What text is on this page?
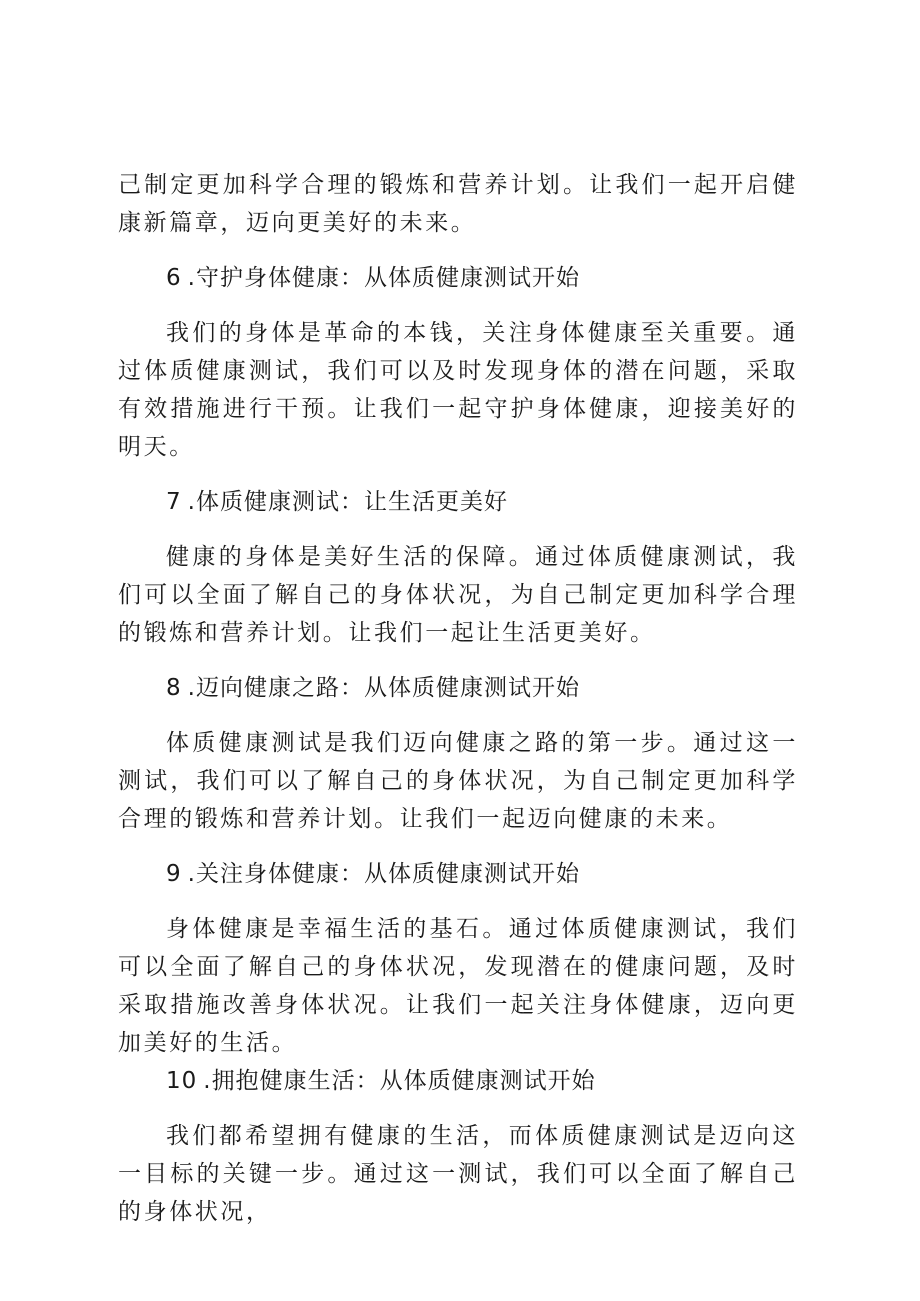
己制定更加科学合理的锻炼和营养计划。让我们一起开启健康新篇章，迈向更美好的未来。

6 .守护身体健康：从体质健康测试开始

我们的身体是革命的本钱，关注身体健康至关重要。通过体质健康测试，我们可以及时发现身体的潜在问题，采取有效措施进行干预。让我们一起守护身体健康，迎接美好的明天。

7 .体质健康测试：让生活更美好

健康的身体是美好生活的保障。通过体质健康测试，我们可以全面了解自己的身体状况，为自己制定更加科学合理的锻炼和营养计划。让我们一起让生活更美好。

8 .迈向健康之路：从体质健康测试开始

体质健康测试是我们迈向健康之路的第一步。通过这一测试，我们可以了解自己的身体状况，为自己制定更加科学合理的锻炼和营养计划。让我们一起迈向健康的未来。

9 .关注身体健康：从体质健康测试开始

身体健康是幸福生活的基石。通过体质健康测试，我们可以全面了解自己的身体状况，发现潜在的健康问题，及时采取措施改善身体状况。让我们一起关注身体健康，迈向更加美好的生活。

10 .拥抱健康生活：从体质健康测试开始

我们都希望拥有健康的生活，而体质健康测试是迈向这一目标的关键一步。通过这一测试，我们可以全面了解自己的身体状况，
